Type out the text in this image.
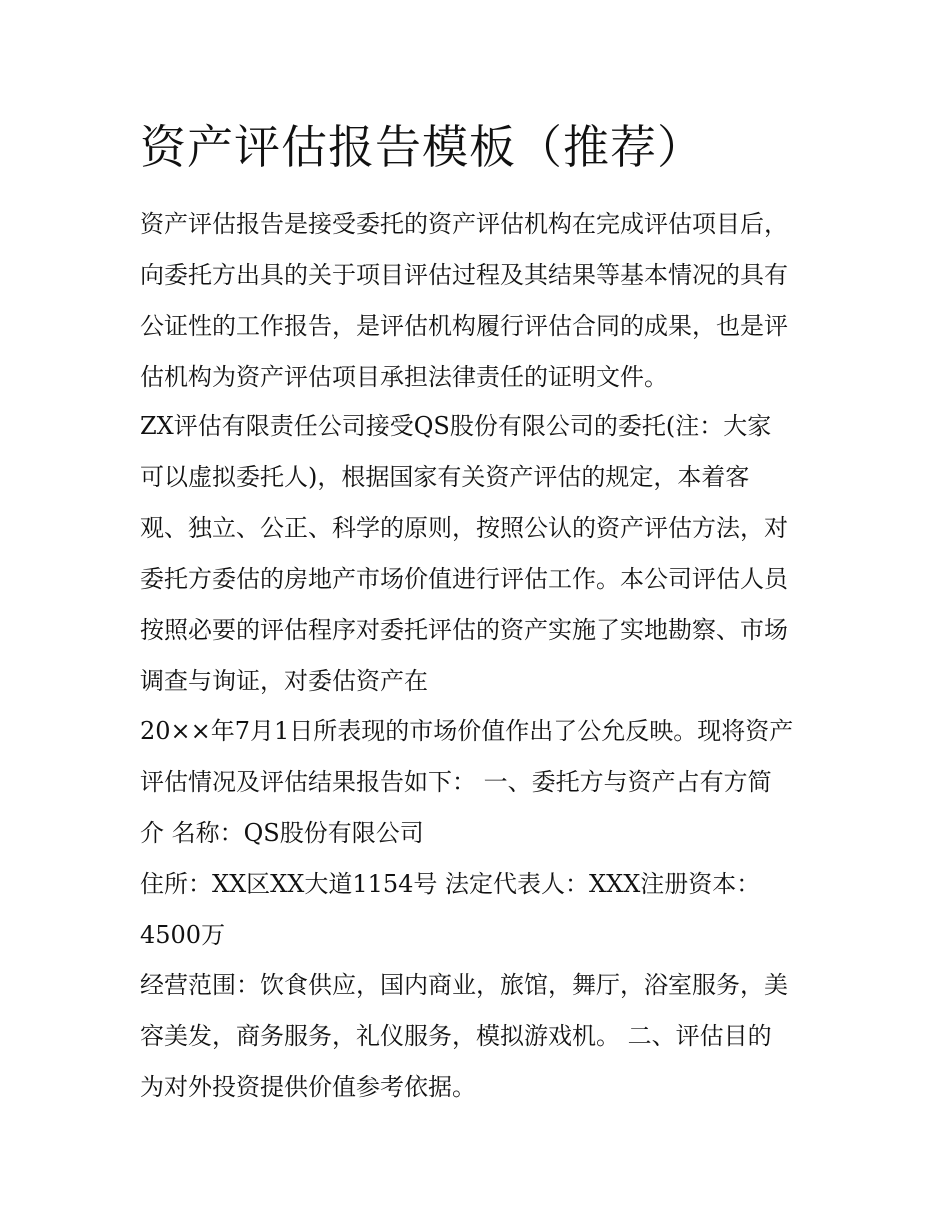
资产评估报告模板（推荐）
资产评估报告是接受委托的资产评估机构在完成评估项目后，
向委托方出具的关于项目评估过程及其结果等基本情况的具有
公证性的工作报告，是评估机构履行评估合同的成果，也是评
估机构为资产评估项目承担法律责任的证明文件。
ZX评估有限责任公司接受QS股份有限公司的委托(注：大家
可以虚拟委托人)，根据国家有关资产评估的规定，本着客
观、独立、公正、科学的原则，按照公认的资产评估方法，对
委托方委估的房地产市场价值进行评估工作。本公司评估人员
按照必要的评估程序对委托评估的资产实施了实地勘察、市场
调查与询证，对委估资产在
20××年7月1日所表现的市场价值作出了公允反映。现将资产
评估情况及评估结果报告如下： 一、委托方与资产占有方简
介 名称：QS股份有限公司
住所：XX区XX大道1154号 法定代表人：XXX注册资本：
4500万
经营范围：饮食供应，国内商业，旅馆，舞厅，浴室服务，美
容美发，商务服务，礼仪服务，模拟游戏机。 二、评估目的
为对外投资提供价值参考依据。
